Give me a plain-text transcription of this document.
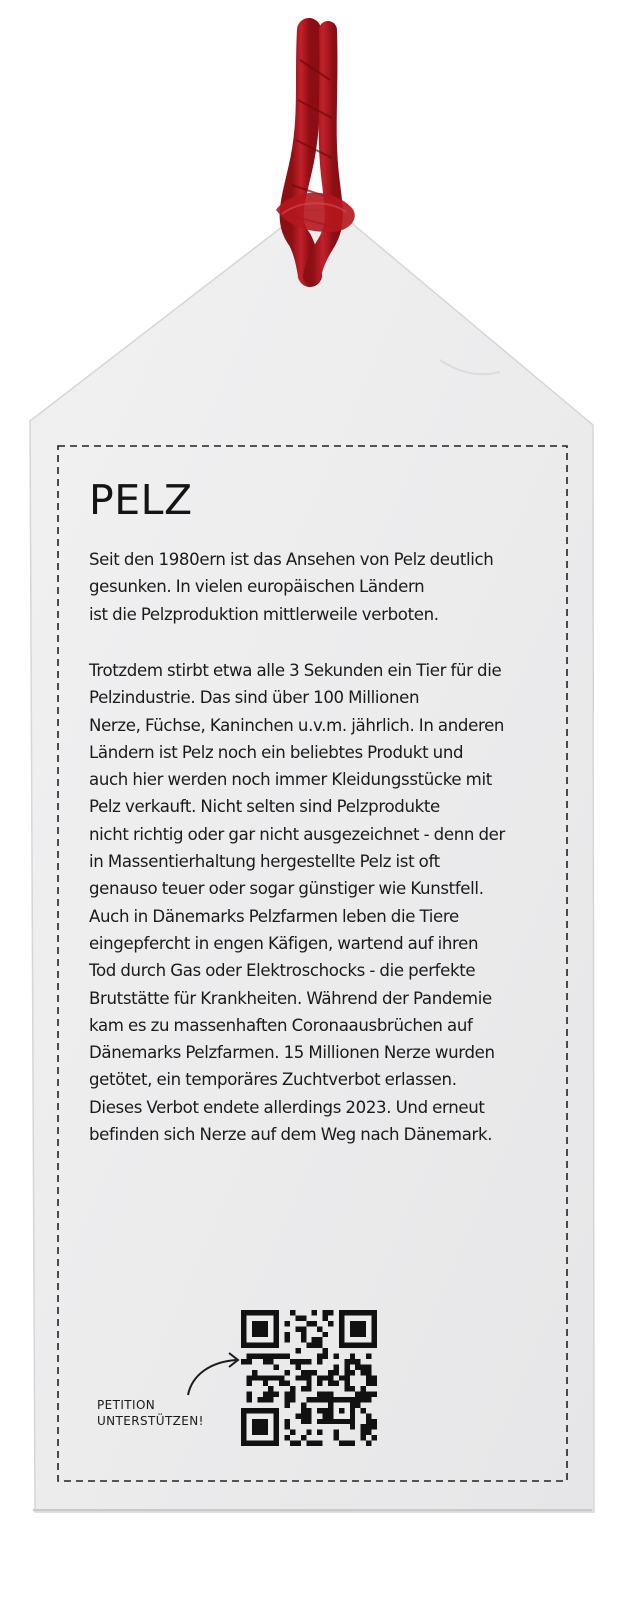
PELZ

Seit den 1980ern ist das Ansehen von Pelz deutlich
gesunken. In vielen europäischen Ländern
ist die Pelzproduktion mittlerweile verboten.

Trotzdem stirbt etwa alle 3 Sekunden ein Tier für die
Pelzindustrie. Das sind über 100 Millionen
Nerze, Füchse, Kaninchen u.v.m. jährlich. In anderen
Ländern ist Pelz noch ein beliebtes Produkt und
auch hier werden noch immer Kleidungsstücke mit
Pelz verkauft. Nicht selten sind Pelzprodukte
nicht richtig oder gar nicht ausgezeichnet - denn der
in Massentierhaltung hergestellte Pelz ist oft
genauso teuer oder sogar günstiger wie Kunstfell.
Auch in Dänemarks Pelzfarmen leben die Tiere
eingepfercht in engen Käfigen, wartend auf ihren
Tod durch Gas oder Elektroschocks - die perfekte
Brutstätte für Krankheiten. Während der Pandemie
kam es zu massenhaften Coronaausbrüchen auf
Dänemarks Pelzfarmen. 15 Millionen Nerze wurden
getötet, ein temporäres Zuchtverbot erlassen.
Dieses Verbot endete allerdings 2023. Und erneut
befinden sich Nerze auf dem Weg nach Dänemark.

PETITION
UNTERSTÜTZEN!
